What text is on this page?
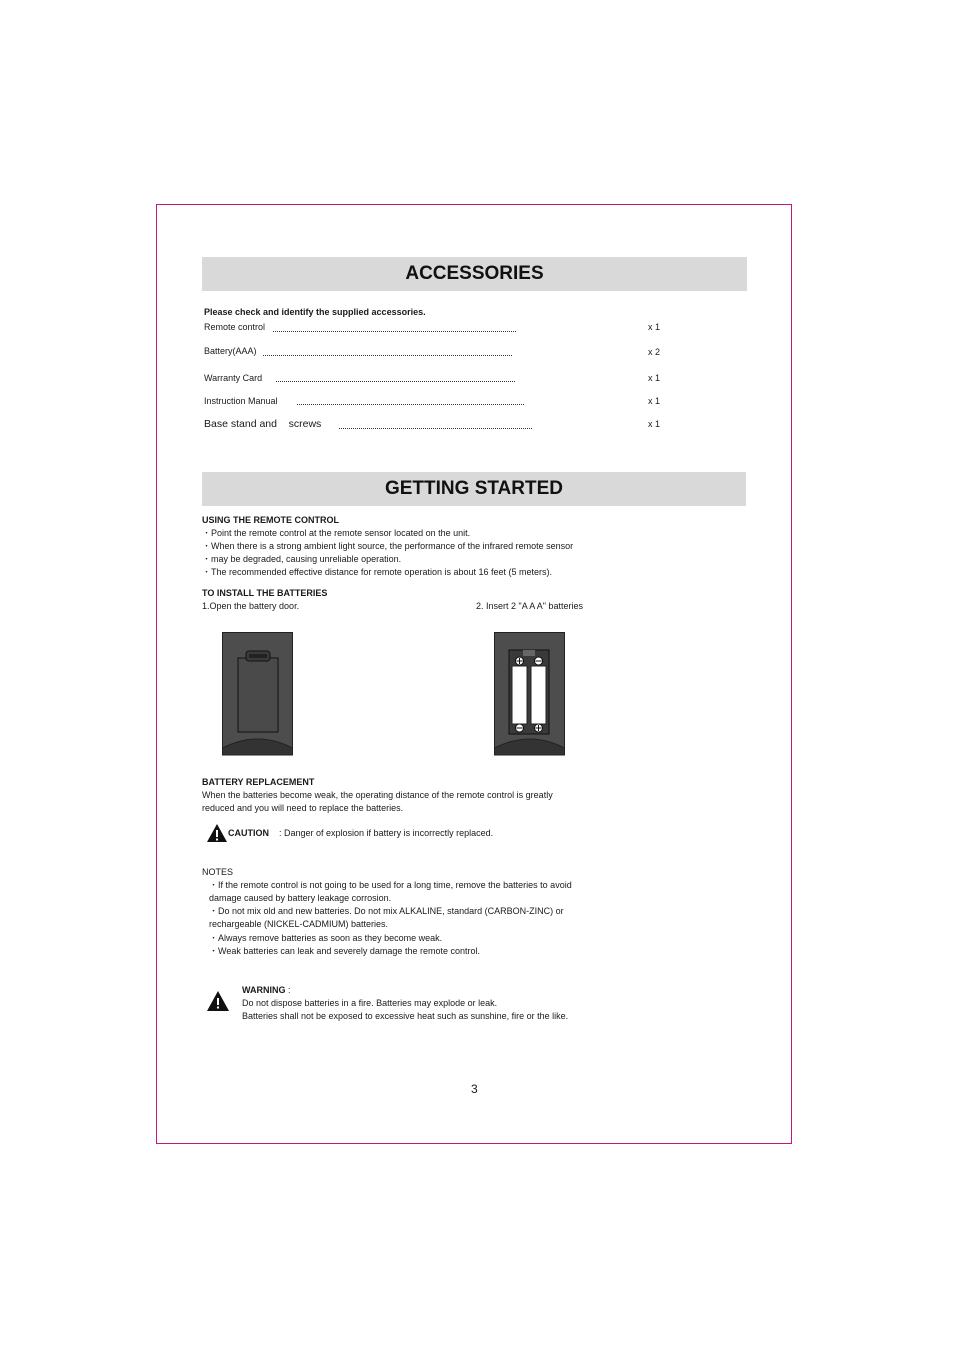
ACCESSORIES
Please check and identify the supplied accessories.
Remote control	x 1
Battery(AAA)	x 2
Warranty Card	x 1
Instruction Manual	x 1
Base stand and    screws	x 1
GETTING STARTED
USING THE REMOTE CONTROL
・Point the remote control at the remote sensor located on the unit.
・When there is a strong ambient light source, the performance of the infrared remote sensor
・may be degraded, causing unreliable operation.
・The recommended effective distance for remote operation is about 16 feet (5 meters).
TO INSTALL THE BATTERIES
1.Open the battery door.	2. Insert 2 "A A A" batteries
BATTERY REPLACEMENT
When the batteries become weak, the operating distance of the remote control is greatly
reduced and you will need to replace the batteries.
CAUTION : Danger of explosion if battery is incorrectly replaced.
NOTES
・If the remote control is not going to be used for a long time, remove the batteries to avoid
damage caused by battery leakage corrosion.
・Do not mix old and new batteries. Do not mix ALKALINE, standard (CARBON-ZINC) or
rechargeable (NICKEL-CADMIUM) batteries.
・Always remove batteries as soon as they become weak.
・Weak batteries can leak and severely damage the remote control.
WARNING :
Do not dispose batteries in a fire. Batteries may explode or leak.
Batteries shall not be exposed to excessive heat such as sunshine, fire or the like.
3
